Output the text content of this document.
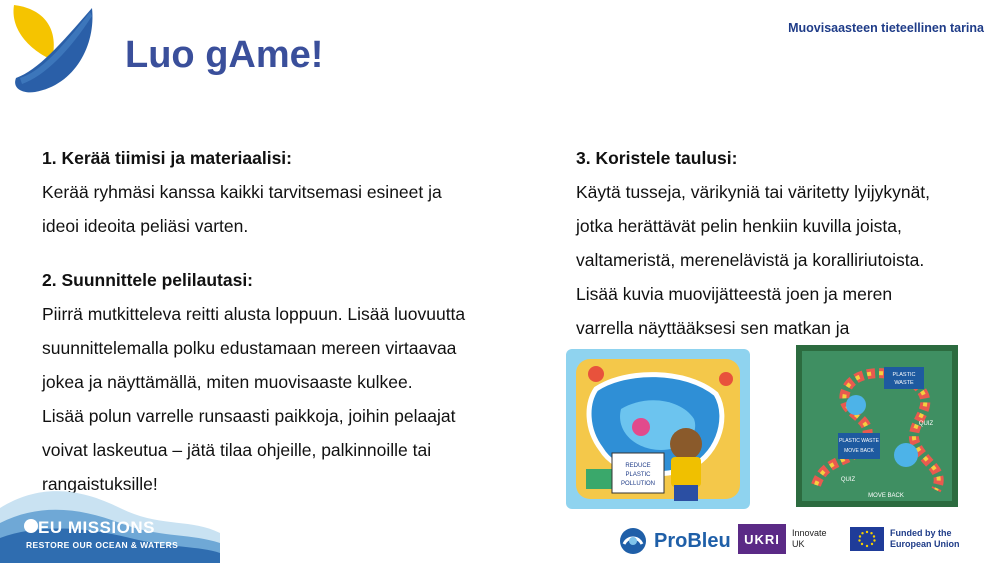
Luo gAme!
Muovisaasteen tieteellinen tarina
1. Kerää tiimisi ja materiaalisi:
Kerää ryhmäsi kanssa kaikki tarvitsemasi esineet ja
ideoi ideoita peliäsi varten.
2. Suunnittele pelilautasi:
Piirrä mutkitteleva reitti alusta loppuun. Lisää luovuutta
suunnittelemalla polku edustamaan mereen virtaavaa
jokea ja näyttämällä, miten muovisaaste kulkee.
Lisää polun varrelle runsaasti paikkoja, joihin pelaajat
voivat laskeutua – jätä tilaa ohjeille, palkinnoille tai
rangaistuksille!
3. Koristele taulusi:
Käytä tusseja, värikyniä tai väritetty lyijykynät,
jotka herättävät pelin henkiin kuvilla joista,
valtameristä, merenelävistä ja koralliriutoista.
Lisää kuvia muovijätteestä joen ja meren
varrella näyttääksesi sen matkan ja
REDUCE
PLASTIC
POLLUTION
PLASTIC
WASTE
PLASTIC WASTE
MOVE BACK
QUIZ
QUIZ
MOVE BACK
EU MISSIONS
RESTORE OUR OCEAN & WATERS	ProBleu	UKRI	Innovate UK
Funded by the European Union
